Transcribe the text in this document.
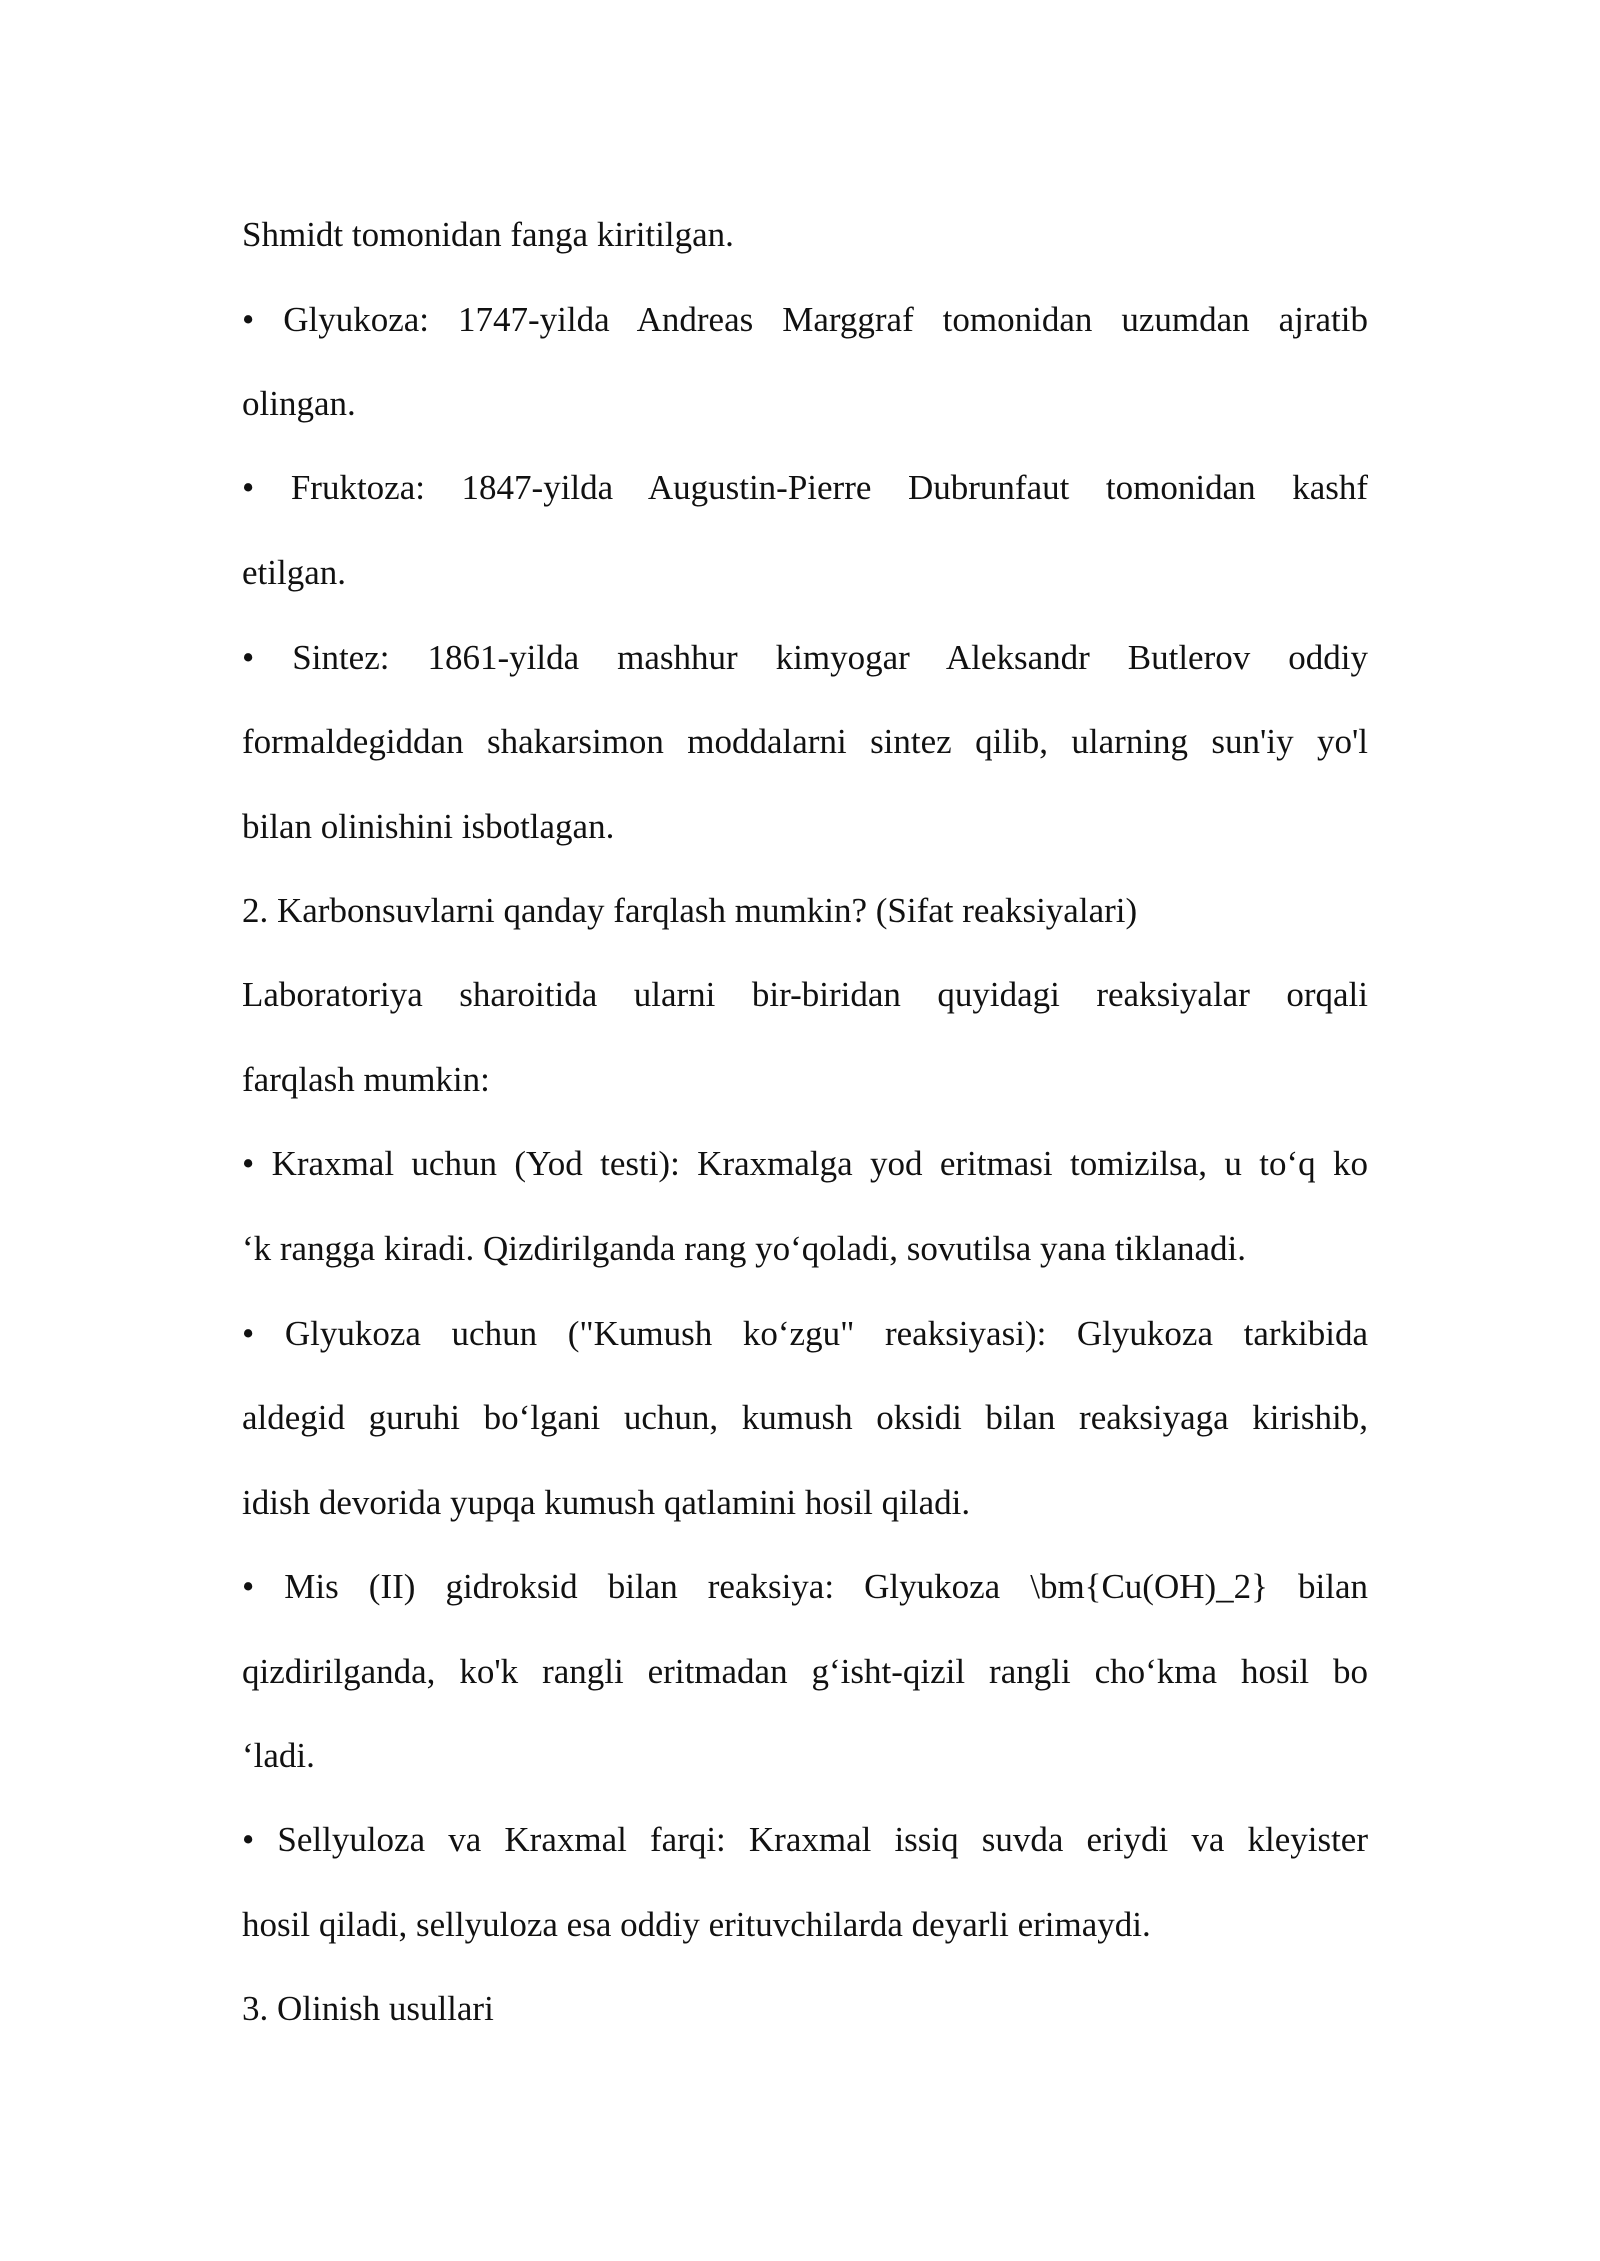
Shmidt tomonidan fanga kiritilgan.
• Glyukoza: 1747-yilda Andreas Marggraf tomonidan uzumdan ajratib
olingan.
• Fruktoza: 1847-yilda Augustin-Pierre Dubrunfaut tomonidan kashf
etilgan.
• Sintez: 1861-yilda mashhur kimyogar Aleksandr Butlerov oddiy
formaldegiddan shakarsimon moddalarni sintez qilib, ularning sun'iy yo'l
bilan olinishini isbotlagan.
2. Karbonsuvlarni qanday farqlash mumkin? (Sifat reaksiyalari)
Laboratoriya sharoitida ularni bir-biridan quyidagi reaksiyalar orqali
farqlash mumkin:
• Kraxmal uchun (Yod testi): Kraxmalga yod eritmasi tomizilsa, u to‘q ko
‘k rangga kiradi. Qizdirilganda rang yo‘qoladi, sovutilsa yana tiklanadi.
• Glyukoza uchun ("Kumush ko‘zgu" reaksiyasi): Glyukoza tarkibida
aldegid guruhi bo‘lgani uchun, kumush oksidi bilan reaksiyaga kirishib,
idish devorida yupqa kumush qatlamini hosil qiladi.
• Mis (II) gidroksid bilan reaksiya: Glyukoza \bm{Cu(OH)_2} bilan
qizdirilganda, ko'k rangli eritmadan g‘isht-qizil rangli cho‘kma hosil bo
‘ladi.
• Sellyuloza va Kraxmal farqi: Kraxmal issiq suvda eriydi va kleyister
hosil qiladi, sellyuloza esa oddiy erituvchilarda deyarli erimaydi.
3. Olinish usullari
